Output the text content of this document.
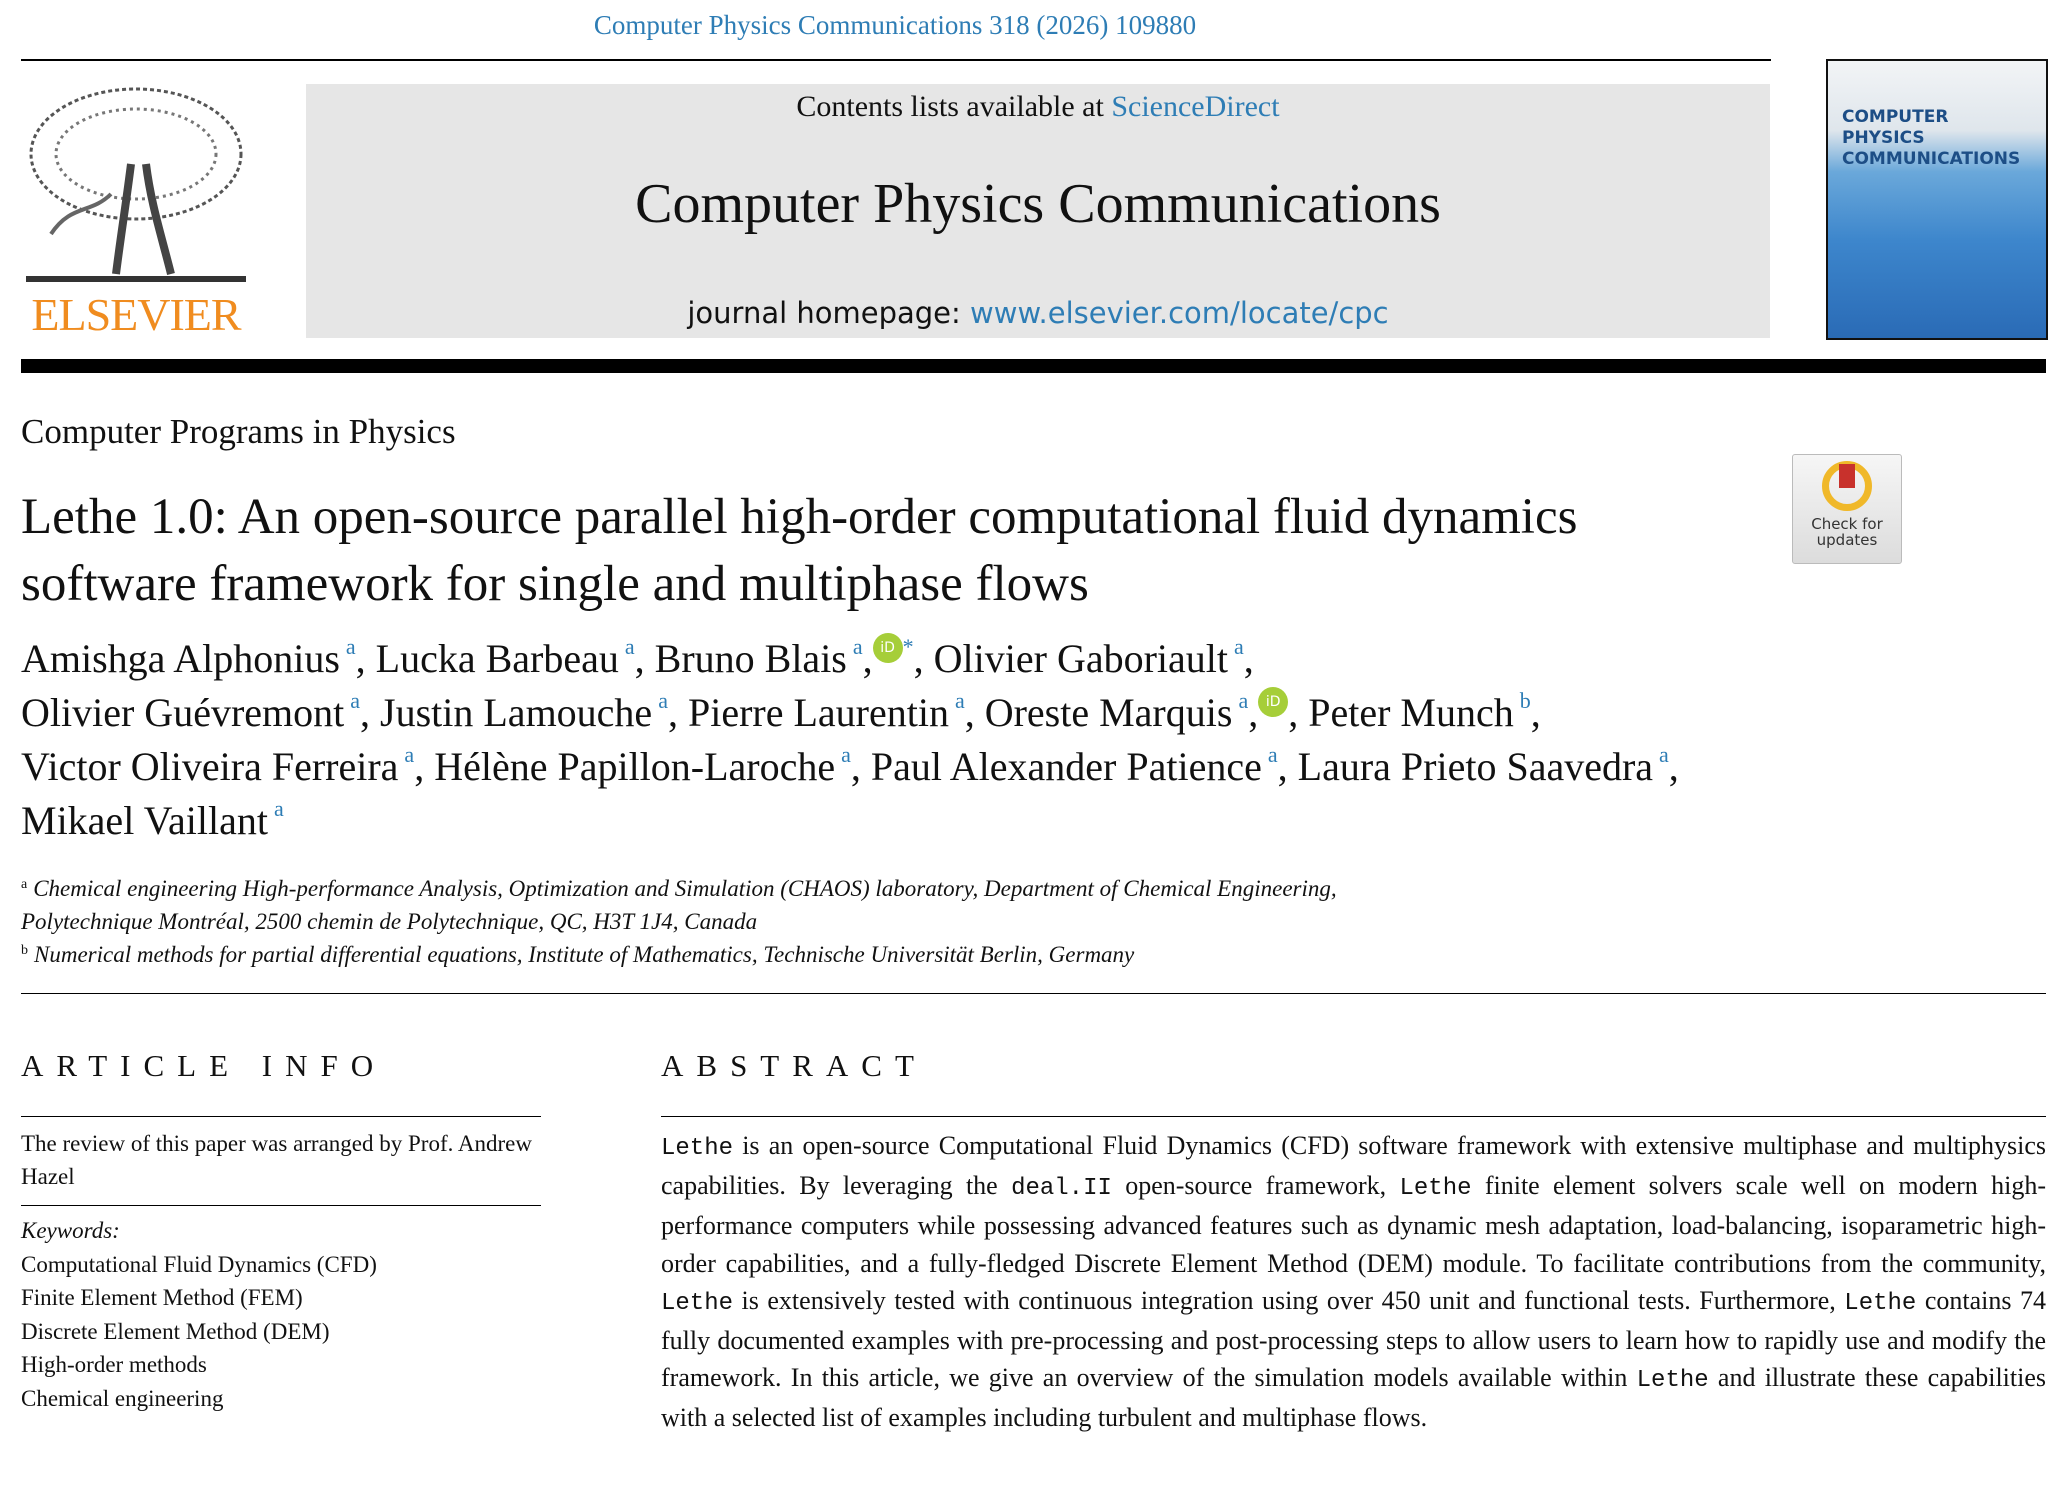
Computer Physics Communications 318 (2026) 109880
ELSEVIER
Contents lists available at ScienceDirect
Computer Physics Communications
journal homepage: www.elsevier.com/locate/cpc
COMPUTER PHYSICS COMMUNICATIONS
Check for updates
Computer Programs in Physics
Lethe 1.0: An open-source parallel high-order computational fluid dynamics software framework for single and multiphase flows
Amishga Alphonius $^a$, Lucka Barbeau $^a$, Bruno Blais $^a$, iD *, Olivier Gaboriault $^a$,
Olivier Guévremont $^a$, Justin Lamouche $^a$, Pierre Laurentin $^a$, Oreste Marquis $^a$, iD , Peter Munch $^b$,
Victor Oliveira Ferreira $^a$, Hélène Papillon-Laroche $^a$, Paul Alexander Patience $^a$, Laura Prieto Saavedra $^a$, Mikael Vaillant $^a$
$^a$ Chemical engineering High-performance Analysis, Optimization and Simulation (CHAOS) laboratory, Department of Chemical Engineering, Polytechnique Montréal, 2500 chemin de Polytechnique, QC, H3T 1J4, Canada
$^b$ Numerical methods for partial differential equations, Institute of Mathematics, Technische Universität Berlin, Germany
ARTICLE INFO
The review of this paper was arranged by Prof. Andrew Hazel
Keywords:
Computational Fluid Dynamics (CFD)
Finite Element Method (FEM)
Discrete Element Method (DEM)
High-order methods
Chemical engineering
ABSTRACT
Lethe is an open-source Computational Fluid Dynamics (CFD) software framework with extensive multiphase and multiphysics capabilities. By leveraging the deal.II open-source framework, Lethe finite element solvers scale well on modern high-performance computers while possessing advanced features such as dynamic mesh adaptation, load-balancing, isoparametric high-order capabilities, and a fully-fledged Discrete Element Method (DEM) module. To facilitate contributions from the community, Lethe is extensively tested with continuous integration using over 450 unit and functional tests. Furthermore, Lethe contains 74 fully documented examples with pre-processing and post-processing steps to allow users to learn how to rapidly use and modify the framework. In this article, we give an overview of the simulation models available within Lethe and illustrate these capabilities with a selected list of examples including turbulent and multiphase flows.
